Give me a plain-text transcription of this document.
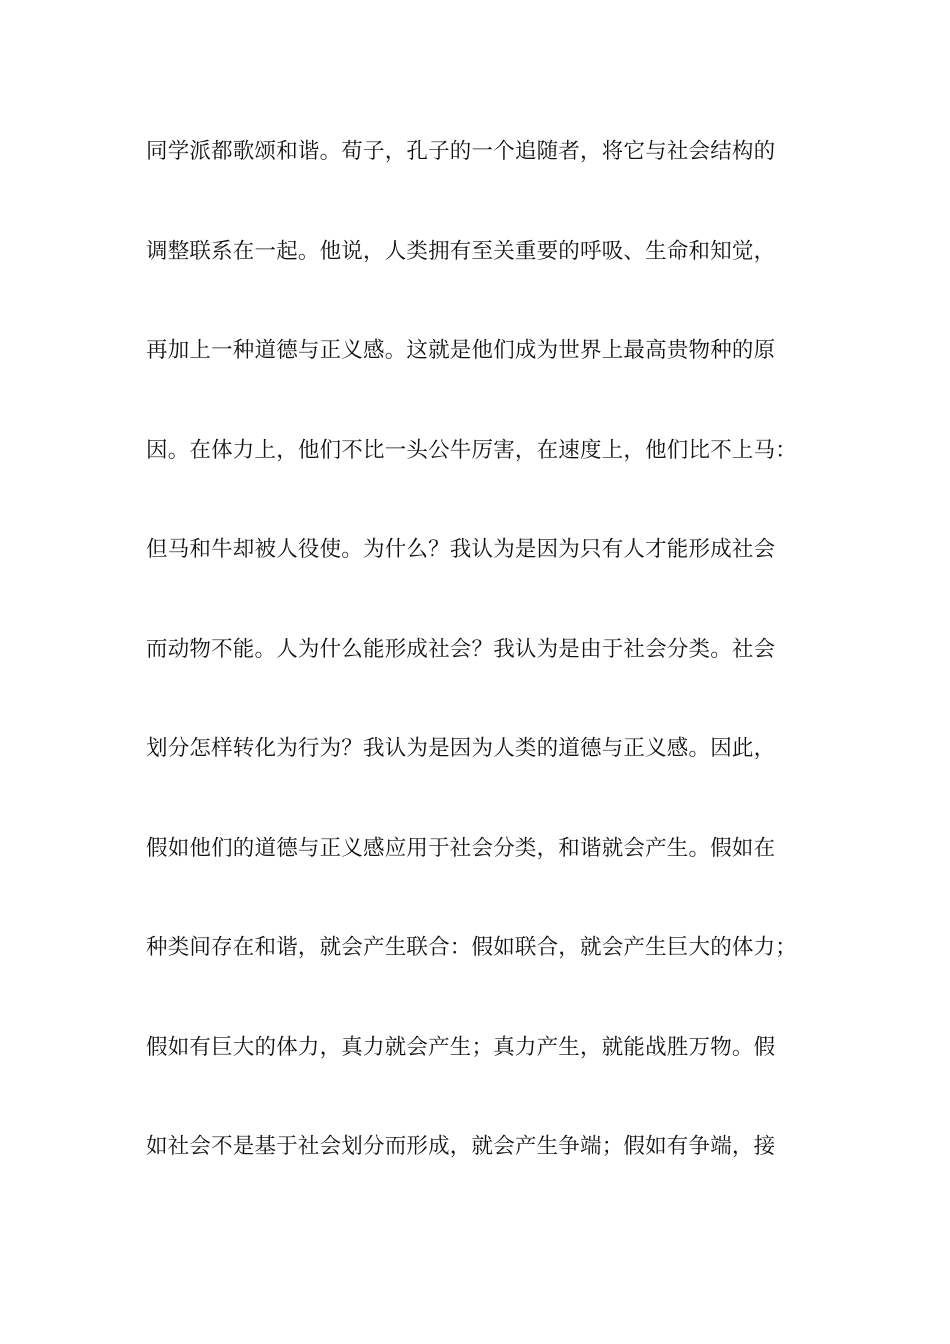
同学派都歌颂和谐。荀子，孔子的一个追随者，将它与社会结构的
调整联系在一起。他说，人类拥有至关重要的呼吸、生命和知觉，
再加上一种道德与正义感。这就是他们成为世界上最高贵物种的原
因。在体力上，他们不比一头公牛厉害，在速度上，他们比不上马：
但马和牛却被人役使。为什么？我认为是因为只有人才能形成社会
而动物不能。人为什么能形成社会？我认为是由于社会分类。社会
划分怎样转化为行为？我认为是因为人类的道德与正义感。因此，
假如他们的道德与正义感应用于社会分类，和谐就会产生。假如在
种类间存在和谐，就会产生联合：假如联合，就会产生巨大的体力；
假如有巨大的体力，真力就会产生；真力产生，就能战胜万物。假
如社会不是基于社会划分而形成，就会产生争端；假如有争端，接
